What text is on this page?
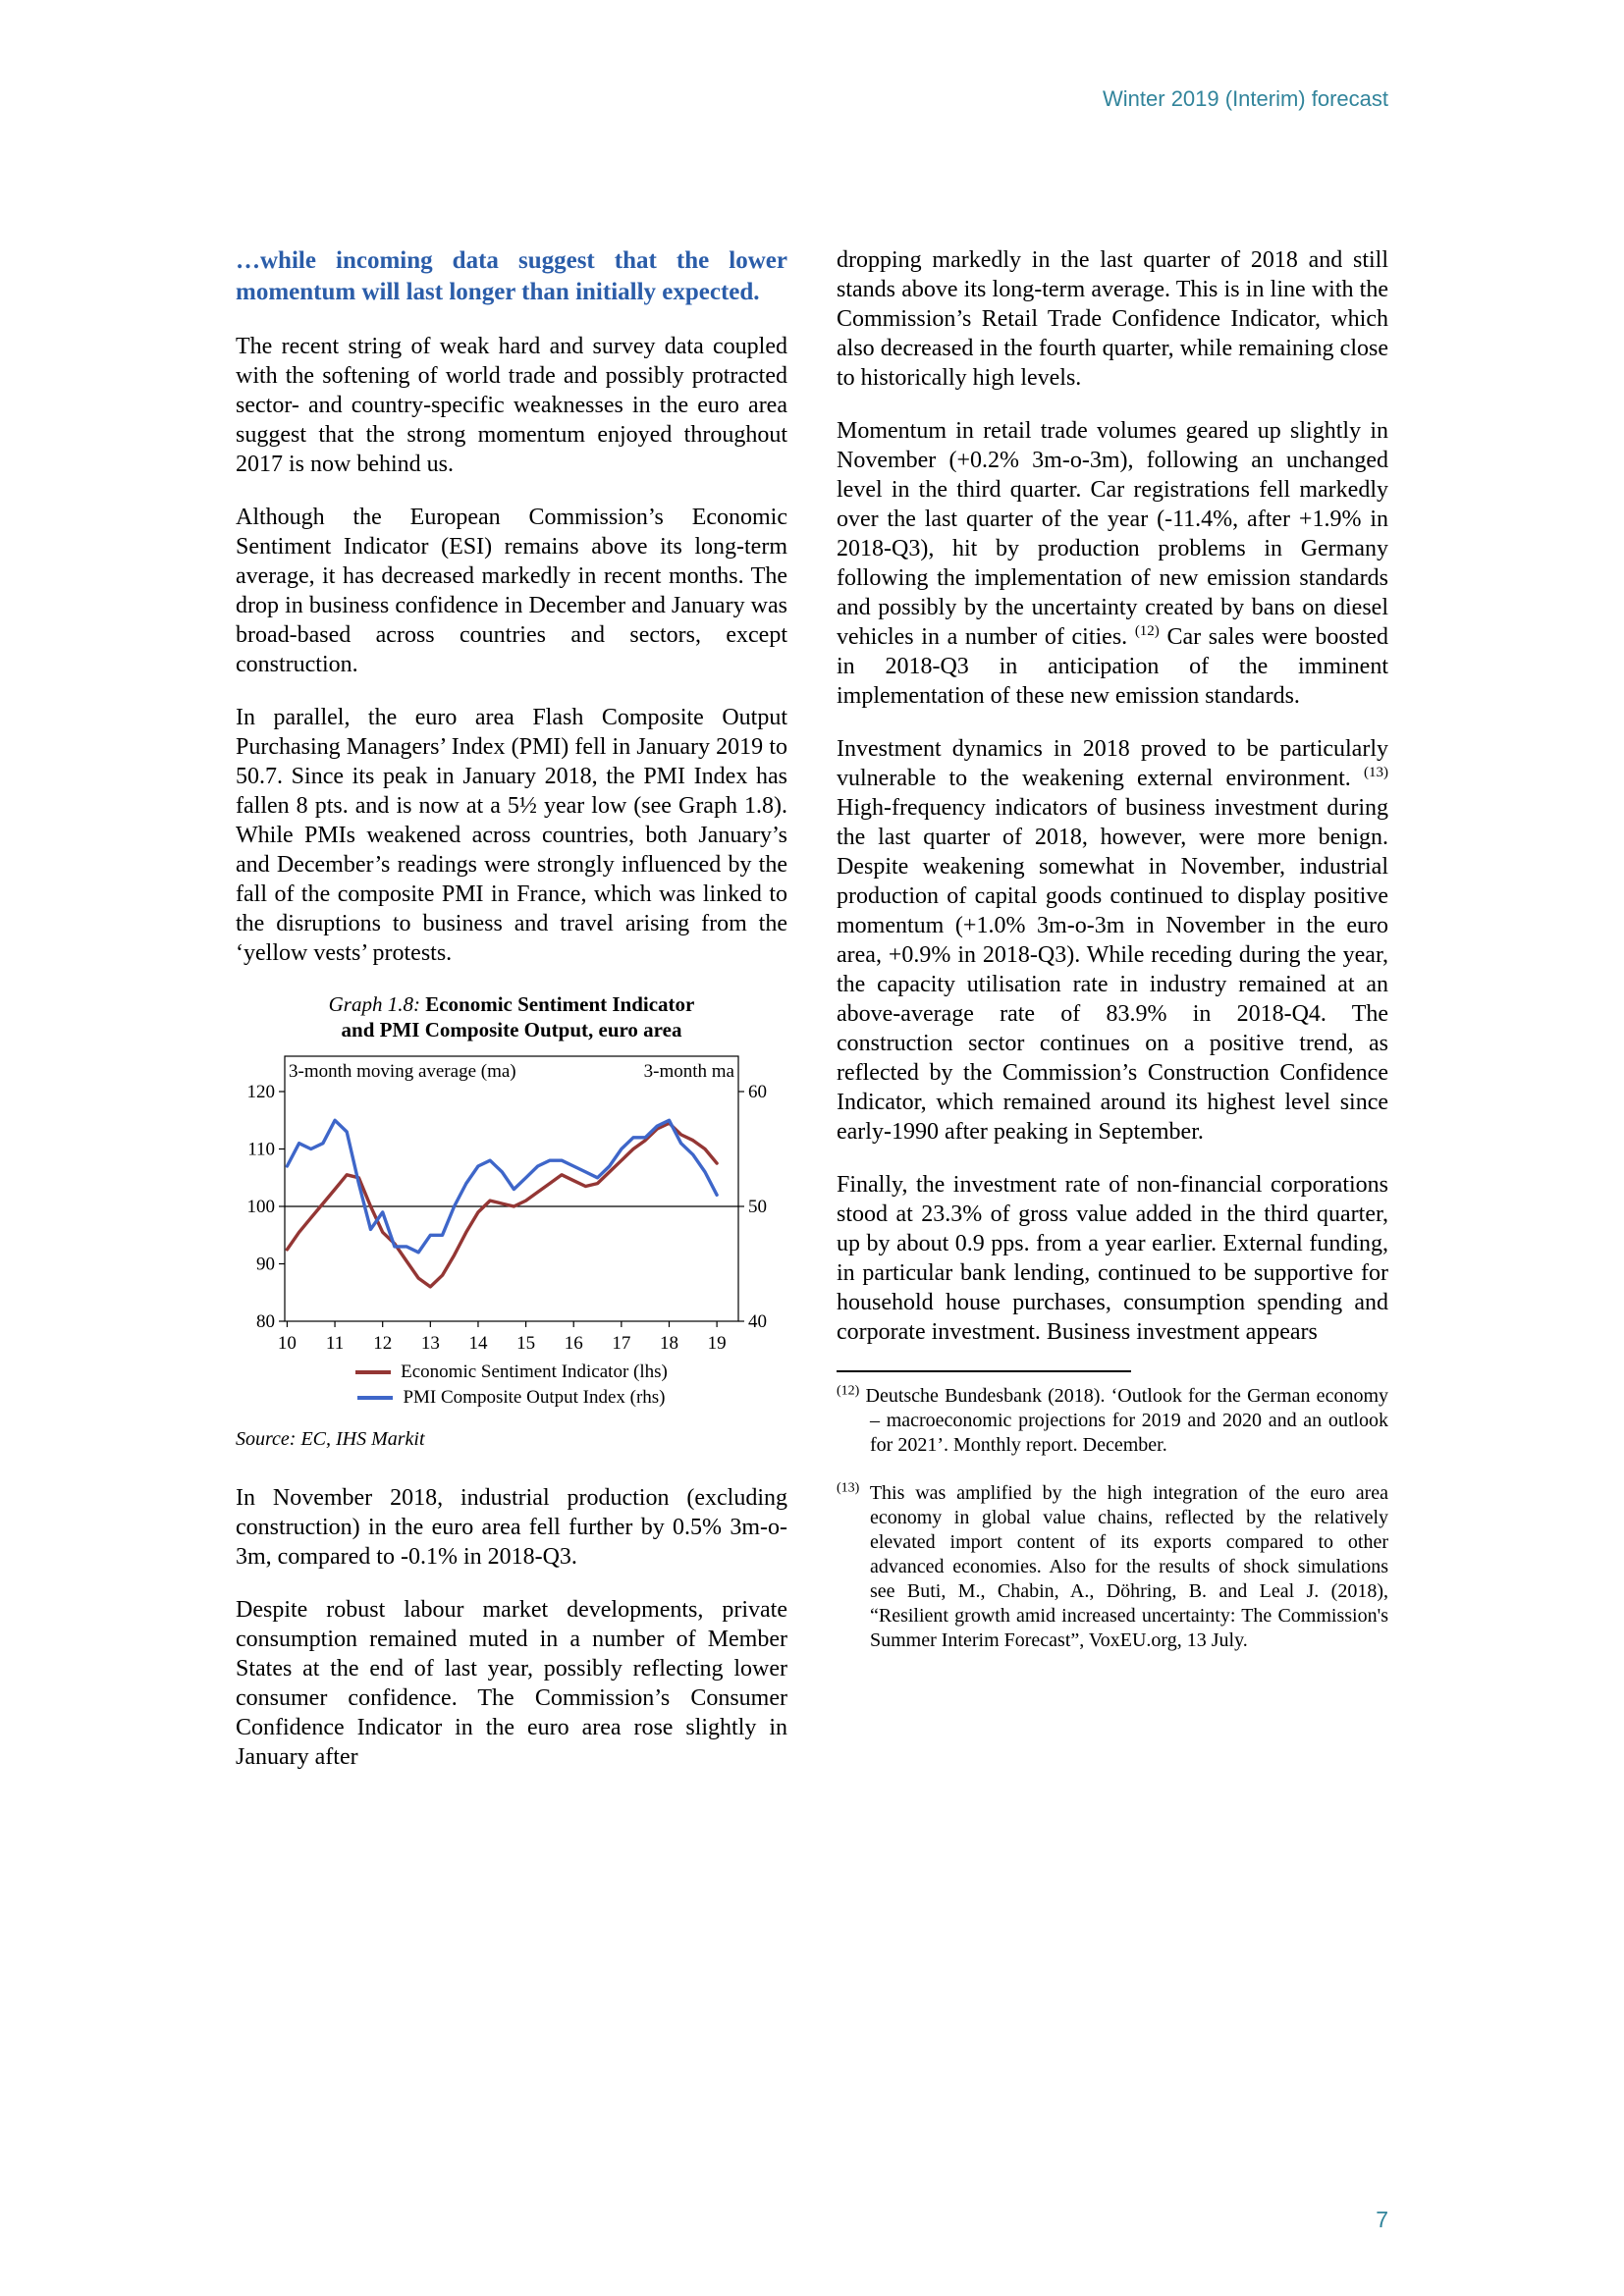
Winter 2019 (Interim) forecast
…while incoming data suggest that the lower momentum will last longer than initially expected.

The recent string of weak hard and survey data coupled with the softening of world trade and possibly protracted sector- and country-specific weaknesses in the euro area suggest that the strong momentum enjoyed throughout 2017 is now behind us.

Although the European Commission’s Economic Sentiment Indicator (ESI) remains above its long-term average, it has decreased markedly in recent months. The drop in business confidence in December and January was broad-based across countries and sectors, except construction.

In parallel, the euro area Flash Composite Output Purchasing Managers’ Index (PMI) fell in January 2019 to 50.7. Since its peak in January 2018, the PMI Index has fallen 8 pts. and is now at a 5½ year low (see Graph 1.8). While PMIs weakened across countries, both January’s and December’s readings were strongly influenced by the fall of the composite PMI in France, which was linked to the disruptions to business and travel arising from the ‘yellow vests’ protests.

Graph 1.8: Economic Sentiment Indicator
and PMI Composite Output, euro area
120
110
100
90
80
60
50
40
10 11 12 13 14 15 16 17 18 19
3-month moving average (ma)	3-month ma
Economic Sentiment Indicator (lhs)
PMI Composite Output Index (rhs)
Source: EC, IHS Markit

In November 2018, industrial production (excluding construction) in the euro area fell further by 0.5% 3m-o-3m, compared to -0.1% in 2018-Q3.

Despite robust labour market developments, private consumption remained muted in a number of Member States at the end of last year, possibly reflecting lower consumer confidence. The Commission’s Consumer Confidence Indicator in the euro area rose slightly in January after

dropping markedly in the last quarter of 2018 and still stands above its long-term average. This is in line with the Commission’s Retail Trade Confidence Indicator, which also decreased in the fourth quarter, while remaining close to historically high levels.

Momentum in retail trade volumes geared up slightly in November (+0.2% 3m-o-3m), following an unchanged level in the third quarter. Car registrations fell markedly over the last quarter of the year (-11.4%, after +1.9% in 2018-Q3), hit by production problems in Germany following the implementation of new emission standards and possibly by the uncertainty created by bans on diesel vehicles in a number of cities. $^{(12)}$ Car sales were boosted in 2018-Q3 in anticipation of the imminent implementation of these new emission standards.

Investment dynamics in 2018 proved to be particularly vulnerable to the weakening external environment. $^{(13)}$ High-frequency indicators of business investment during the last quarter of 2018, however, were more benign. Despite weakening somewhat in November, industrial production of capital goods continued to display positive momentum (+1.0% 3m-o-3m in November in the euro area, +0.9% in 2018-Q3). While receding during the year, the capacity utilisation rate in industry remained at an above-average rate of 83.9% in 2018-Q4. The construction sector continues on a positive trend, as reflected by the Commission’s Construction Confidence Indicator, which remained around its highest level since early-1990 after peaking in September.

Finally, the investment rate of non-financial corporations stood at 23.3% of gross value added in the third quarter, up by about 0.9 pps. from a year earlier. External funding, in particular bank lending, continued to be supportive for household house purchases, consumption spending and corporate investment. Business investment appears

$^{(12)}$ Deutsche Bundesbank (2018). ‘Outlook for the German economy – macroeconomic projections for 2019 and 2020 and an outlook for 2021’. Monthly report. December.

$^{(13)}$ This was amplified by the high integration of the euro area economy in global value chains, reflected by the relatively elevated import content of its exports compared to other advanced economies. Also for the results of shock simulations see Buti, M., Chabin, A., Döhring, B. and Leal J. (2018), “Resilient growth amid increased uncertainty: The Commission's Summer Interim Forecast”, VoxEU.org, 13 July.

7
